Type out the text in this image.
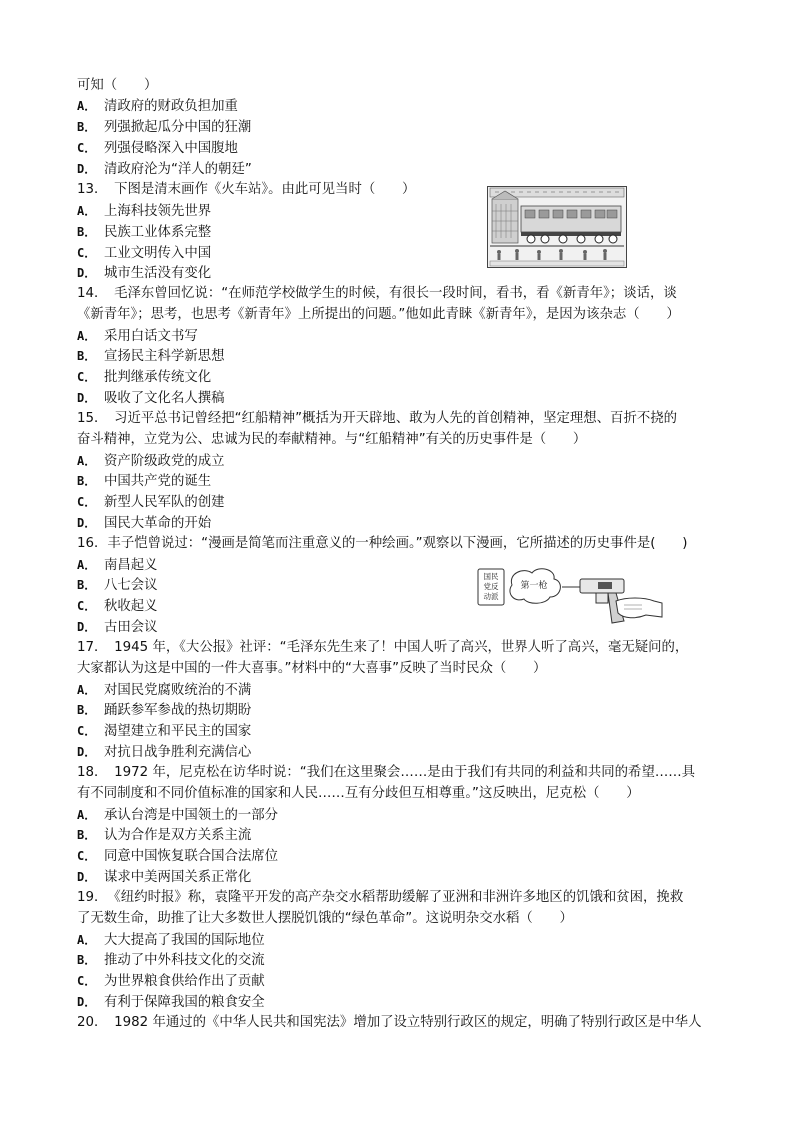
可知（　　）
A． 清政府的财政负担加重
B． 列强掀起瓜分中国的狂潮
C． 列强侵略深入中国腹地
D． 清政府沦为“洋人的朝廷”
13．　下图是清末画作《火车站》。由此可见当时（　　）
A． 上海科技领先世界
B． 民族工业体系完整
C． 工业文明传入中国
D． 城市生活没有变化
14．　毛泽东曾回忆说：“在师范学校做学生的时候，有很长一段时间，看书，看《新青年》；谈话，谈
《新青年》；思考，也思考《新青年》上所提出的问题。”他如此青睐《新青年》，是因为该杂志（　　）
A． 采用白话文书写
B． 宣扬民主科学新思想
C． 批判继承传统文化
D． 吸收了文化名人撰稿
15．　习近平总书记曾经把“红船精神”概括为开天辟地、敢为人先的首创精神，坚定理想、百折不挠的
奋斗精神，立党为公、忠诚为民的奉献精神。与“红船精神”有关的历史事件是（　　）
A． 资产阶级政党的成立
B． 中国共产党的诞生
C． 新型人民军队的创建
D． 国民大革命的开始
16．丰子恺曾说过：“漫画是简笔而注重意义的一种绘画。”观察以下漫画，它所描述的历史事件是(　　)
A． 南昌起义
B． 八七会议
C． 秋收起义
D． 古田会议
国民
党反
动派
第一枪
17．　1945 年，《大公报》社评：“毛泽东先生来了！中国人听了高兴，世界人听了高兴，毫无疑问的，
大家都认为这是中国的一件大喜事。”材料中的“大喜事”反映了当时民众（　　）
A． 对国民党腐败统治的不满
B． 踊跃参军参战的热切期盼
C． 渴望建立和平民主的国家
D． 对抗日战争胜利充满信心
18．　1972 年，尼克松在访华时说：“我们在这里聚会……是由于我们有共同的利益和共同的希望……具
有不同制度和不同价值标准的国家和人民……互有分歧但互相尊重。”这反映出，尼克松（　　）
A． 承认台湾是中国领土的一部分
B． 认为合作是双方关系主流
C． 同意中国恢复联合国合法席位
D． 谋求中美两国关系正常化
19．　《纽约时报》称，袁隆平开发的高产杂交水稻帮助缓解了亚洲和非洲许多地区的饥饿和贫困，挽救
了无数生命，助推了让大多数世人摆脱饥饿的“绿色革命”。这说明杂交水稻（　　）
A． 大大提高了我国的国际地位
B． 推动了中外科技文化的交流
C． 为世界粮食供给作出了贡献
D． 有利于保障我国的粮食安全
20．　1982 年通过的《中华人民共和国宪法》增加了设立特别行政区的规定，明确了特别行政区是中华人
